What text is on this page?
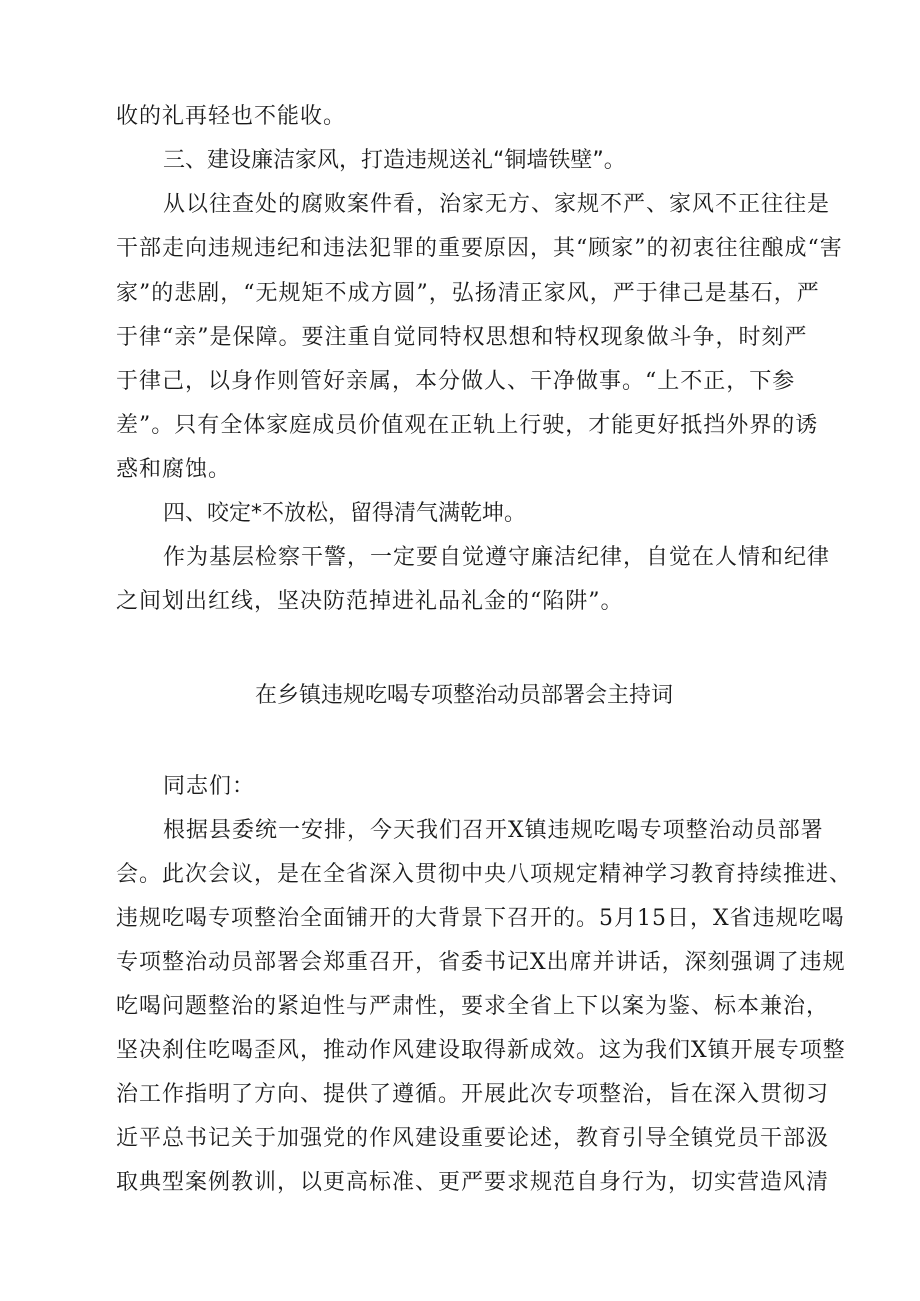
收的礼再轻也不能收。
三、建设廉洁家风，打造违规送礼“铜墙铁壁”。
从以往查处的腐败案件看，治家无方、家规不严、家风不正往往是
干部走向违规违纪和违法犯罪的重要原因，其“顾家”的初衷往往酿成“害
家”的悲剧，“无规矩不成方圆”，弘扬清正家风，严于律己是基石，严
于律“亲”是保障。要注重自觉同特权思想和特权现象做斗争，时刻严
于律己，以身作则管好亲属，本分做人、干净做事。“上不正，下参
差”。只有全体家庭成员价值观在正轨上行驶，才能更好抵挡外界的诱
惑和腐蚀。
四、咬定*不放松，留得清气满乾坤。
作为基层检察干警，一定要自觉遵守廉洁纪律，自觉在人情和纪律
之间划出红线，坚决防范掉进礼品礼金的“陷阱”。
在乡镇违规吃喝专项整治动员部署会主持词
同志们：
根据县委统一安排，今天我们召开X镇违规吃喝专项整治动员部署
会。此次会议，是在全省深入贯彻中央八项规定精神学习教育持续推进、
违规吃喝专项整治全面铺开的大背景下召开的。5月15日，X省违规吃喝
专项整治动员部署会郑重召开，省委书记X出席并讲话，深刻强调了违规
吃喝问题整治的紧迫性与严肃性，要求全省上下以案为鉴、标本兼治，
坚决刹住吃喝歪风，推动作风建设取得新成效。这为我们X镇开展专项整
治工作指明了方向、提供了遵循。开展此次专项整治，旨在深入贯彻习
近平总书记关于加强党的作风建设重要论述，教育引导全镇党员干部汲
取典型案例教训，以更高标准、更严要求规范自身行为，切实营造风清
